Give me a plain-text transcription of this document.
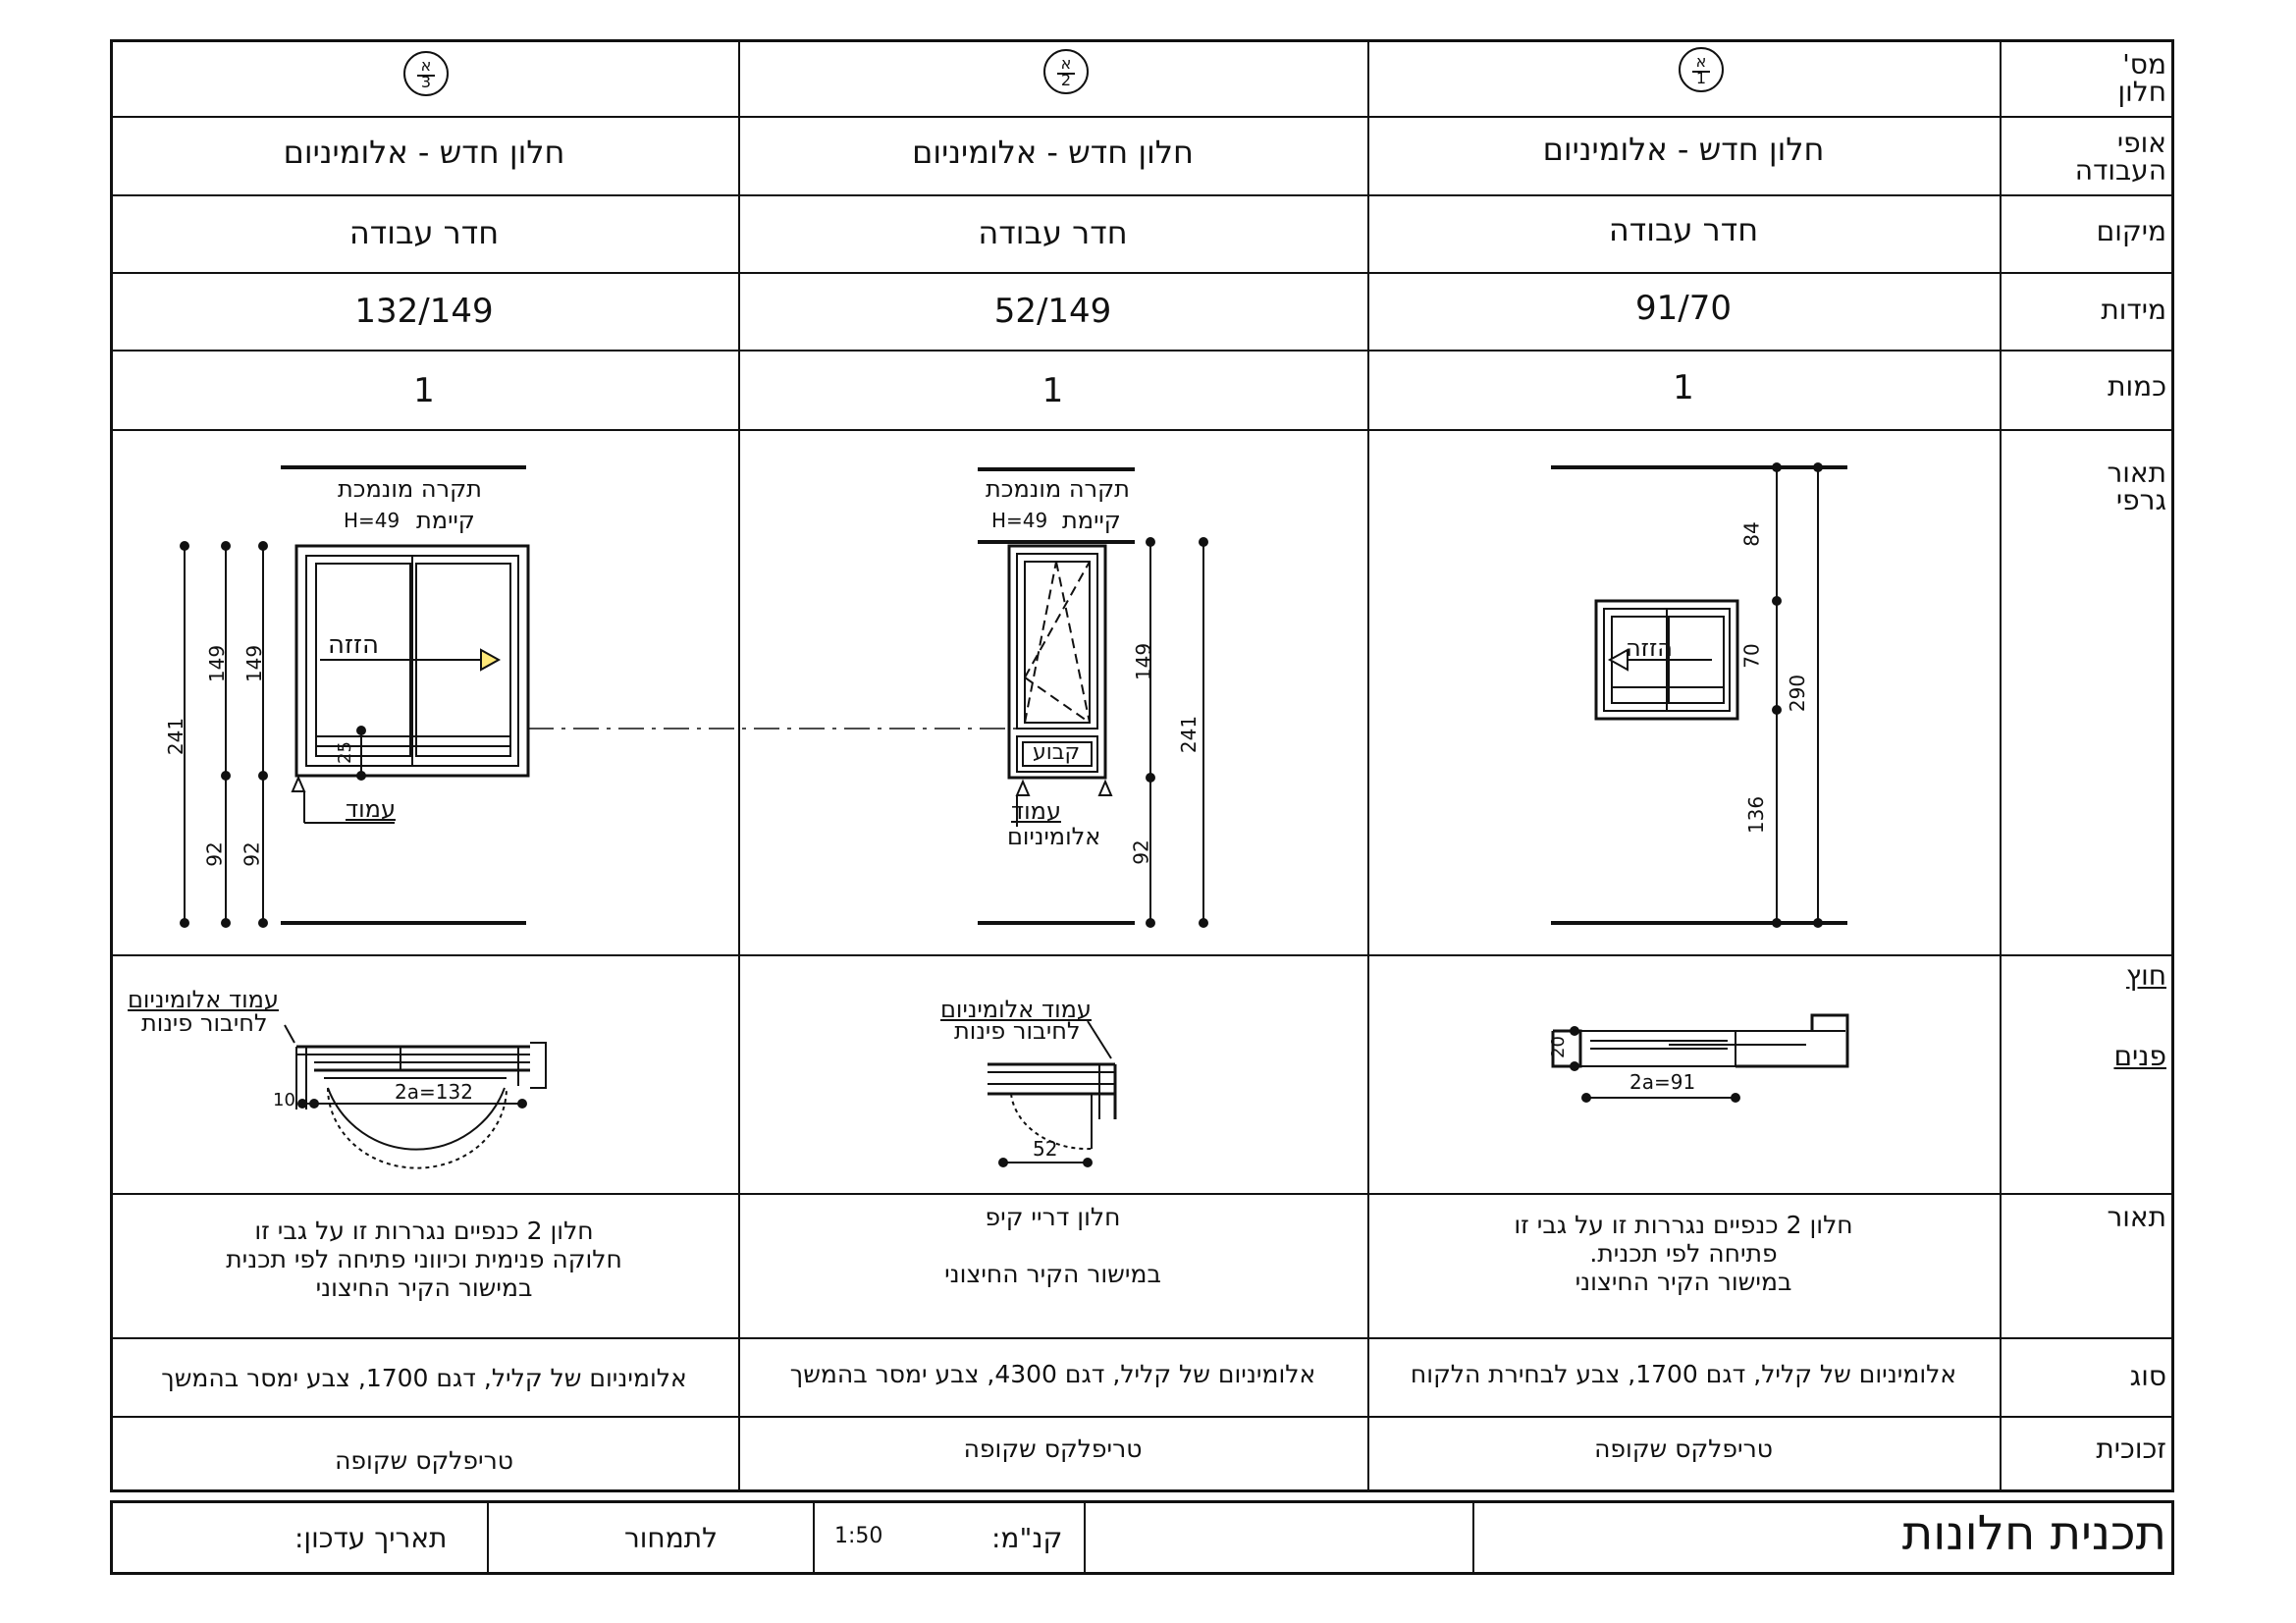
מס'
חלון
אופי
העבודה
מיקום
מידות
כמות
תאור
גרפי
חוץ
פנים
תאור
סוג
זכוכית
א
1
א
2
א
3
חלון חדש - אלומיניום
חלון חדש - אלומיניום
חלון חדש - אלומיניום
חדר עבודה
חדר עבודה
חדר עבודה
91/70
52/149
132/149
1
1
1
84
70
290
136
הזזה
תקרה מונמכת
קיימת
H=49
149
92
241
קבוע
עמוד
אלומיניום
תקרה מונמכת
קיימת
H=49
241
149 149
92 92
25
הזזה
עמוד
20
2a=91
עמוד אלומיניום
לחיבור פינות
52
עמוד אלומיניום
לחיבור פינות
10	2a=132
חלון 2 כנפיים נגררות זו על גבי זו
פתיחה לפי תכנית.
במישור הקיר החיצוני
חלון דריי קיפ

במישור הקיר החיצוני
חלון 2 כנפיים נגררות זו על גבי זו
חלוקה פנימית וכיווני פתיחה לפי תכנית
במישור הקיר החיצוני
אלומיניום של קליל, דגם 1700, צבע לבחירת הלקוח
אלומיניום של קליל, דגם 4300, צבע ימסר בהמשך
אלומיניום של קליל, דגם 1700, צבע ימסר בהמשך
טריפלקס שקופה
טריפלקס שקופה
טריפלקס שקופה
תכנית חלונות
קנ"מ:
1:50
לתמחור
תאריך עדכון:
